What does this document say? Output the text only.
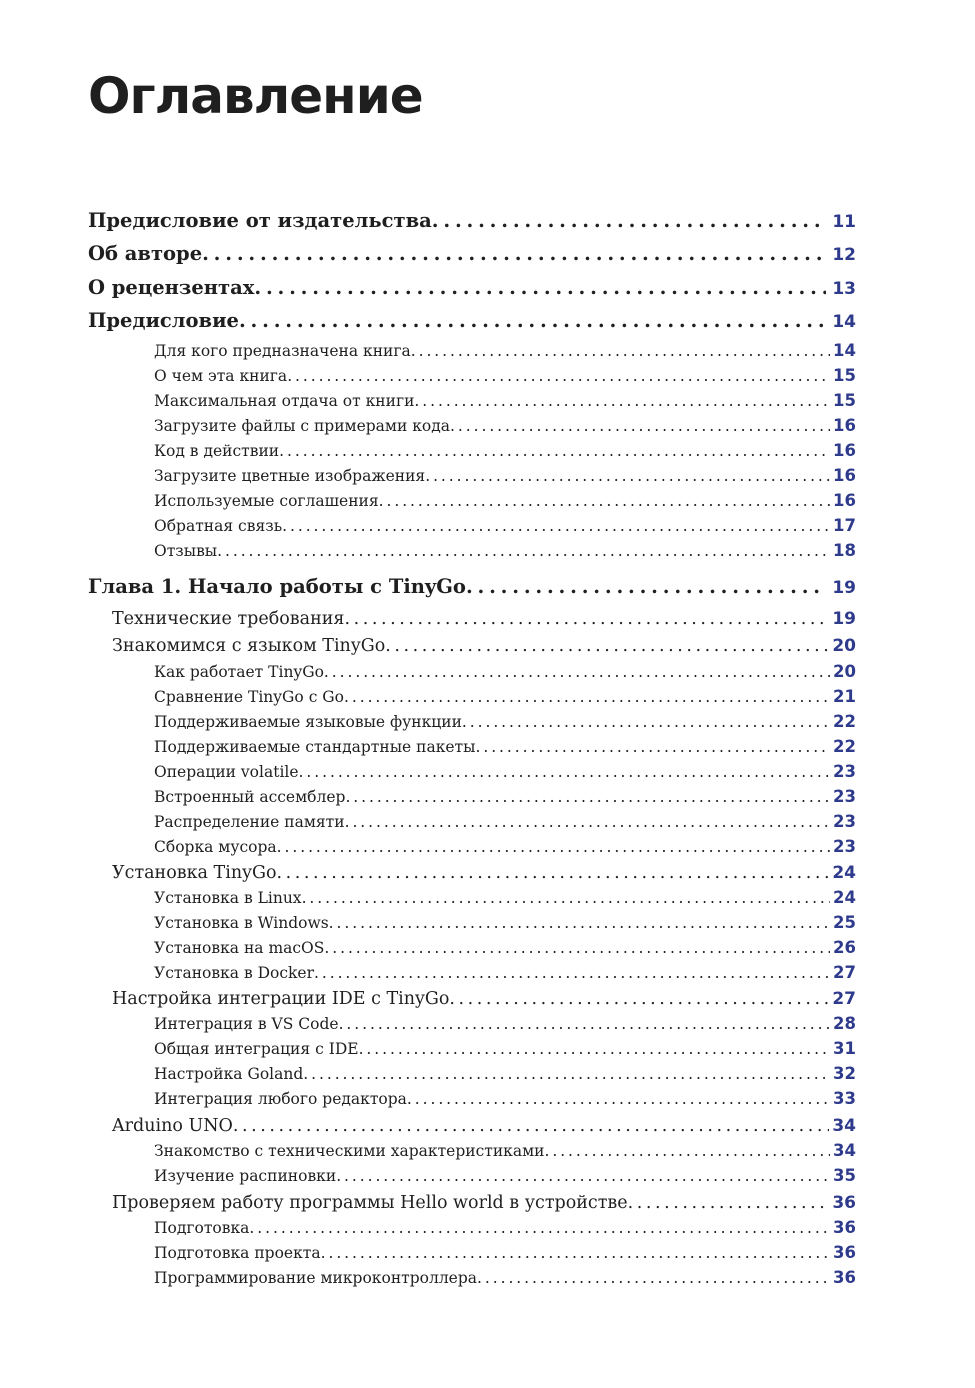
Оглавление
Предисловие от издательства . . .	11
Об авторе . . .	12
О рецензентах . . .	13
Предисловие . . .	14
Для кого предназначена книга . . .	14
О чем эта книга . . .	15
Максимальная отдача от книги . . .	15
Загрузите файлы с примерами кода . . .	16
Код в действии . . .	16
Загрузите цветные изображения . . .	16
Используемые соглашения . . .	16
Обратная связь . . .	17
Отзывы . . .	18
Глава 1. Начало работы с TinyGo . . .	19
Технические требования . . .	19
Знакомимся с языком TinyGo . . .	20
Как работает TinyGo . . .	20
Сравнение TinyGo с Go . . .	21
Поддерживаемые языковые функции . . .	22
Поддерживаемые стандартные пакеты . . .	22
Операции volatile . . .	23
Встроенный ассемблер . . .	23
Распределение памяти . . .	23
Сборка мусора . . .	23
Установка TinyGo . . .	24
Установка в Linux . . .	24
Установка в Windows . . .	25
Установка на macOS . . .	26
Установка в Docker . . .	27
Настройка интеграции IDE с TinyGo . . .	27
Интеграция в VS Code . . .	28
Общая интеграция с IDE . . .	31
Настройка Goland . . .	32
Интеграция любого редактора . . .	33
Arduino UNO . . .	34
Знакомство с техническими характеристиками . . .	34
Изучение распиновки . . .	35
Проверяем работу программы Hello world в устройстве . . .	36
Подготовка . . .	36
Подготовка проекта . . .	36
Программирование микроконтроллера . . .	36
